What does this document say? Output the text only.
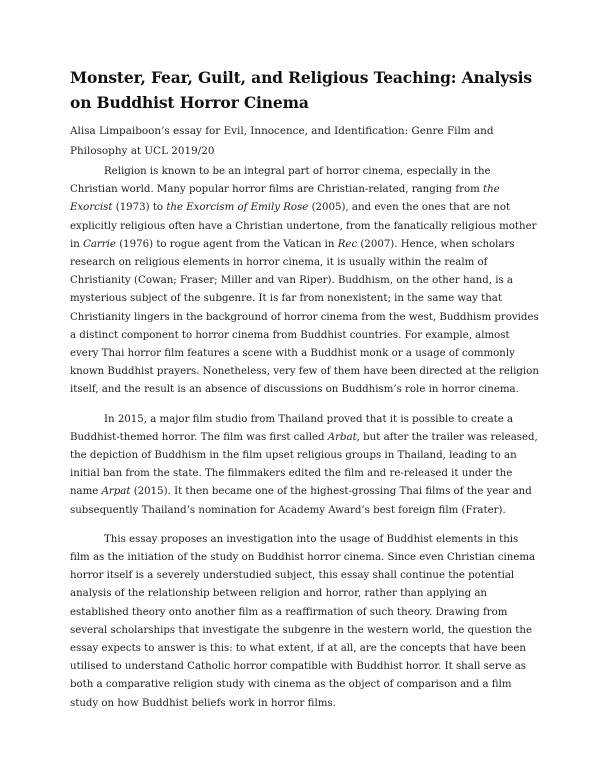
Monster, Fear, Guilt, and Religious Teaching: Analysis on Buddhist Horror Cinema
Alisa Limpaiboon’s essay for Evil, Innocence, and Identification: Genre Film and Philosophy at UCL 2019/20

Religion is known to be an integral part of horror cinema, especially in the Christian world. Many popular horror films are Christian-related, ranging from the Exorcist (1973) to the Exorcism of Emily Rose (2005), and even the ones that are not explicitly religious often have a Christian undertone, from the fanatically religious mother in Carrie (1976) to rogue agent from the Vatican in Rec (2007). Hence, when scholars research on religious elements in horror cinema, it is usually within the realm of Christianity (Cowan; Fraser; Miller and van Riper). Buddhism, on the other hand, is a mysterious subject of the subgenre. It is far from nonexistent; in the same way that Christianity lingers in the background of horror cinema from the west, Buddhism provides a distinct component to horror cinema from Buddhist countries. For example, almost every Thai horror film features a scene with a Buddhist monk or a usage of commonly known Buddhist prayers. Nonetheless, very few of them have been directed at the religion itself, and the result is an absence of discussions on Buddhism’s role in horror cinema.

In 2015, a major film studio from Thailand proved that it is possible to create a Buddhist-themed horror. The film was first called Arbat, but after the trailer was released, the depiction of Buddhism in the film upset religious groups in Thailand, leading to an initial ban from the state. The filmmakers edited the film and re-released it under the name Arpat (2015). It then became one of the highest-grossing Thai films of the year and subsequently Thailand’s nomination for Academy Award’s best foreign film (Frater).

This essay proposes an investigation into the usage of Buddhist elements in this film as the initiation of the study on Buddhist horror cinema. Since even Christian cinema horror itself is a severely understudied subject, this essay shall continue the potential analysis of the relationship between religion and horror, rather than applying an established theory onto another film as a reaffirmation of such theory. Drawing from several scholarships that investigate the subgenre in the western world, the question the essay expects to answer is this: to what extent, if at all, are the concepts that have been utilised to understand Catholic horror compatible with Buddhist horror. It shall serve as both a comparative religion study with cinema as the object of comparison and a film study on how Buddhist beliefs work in horror films.
